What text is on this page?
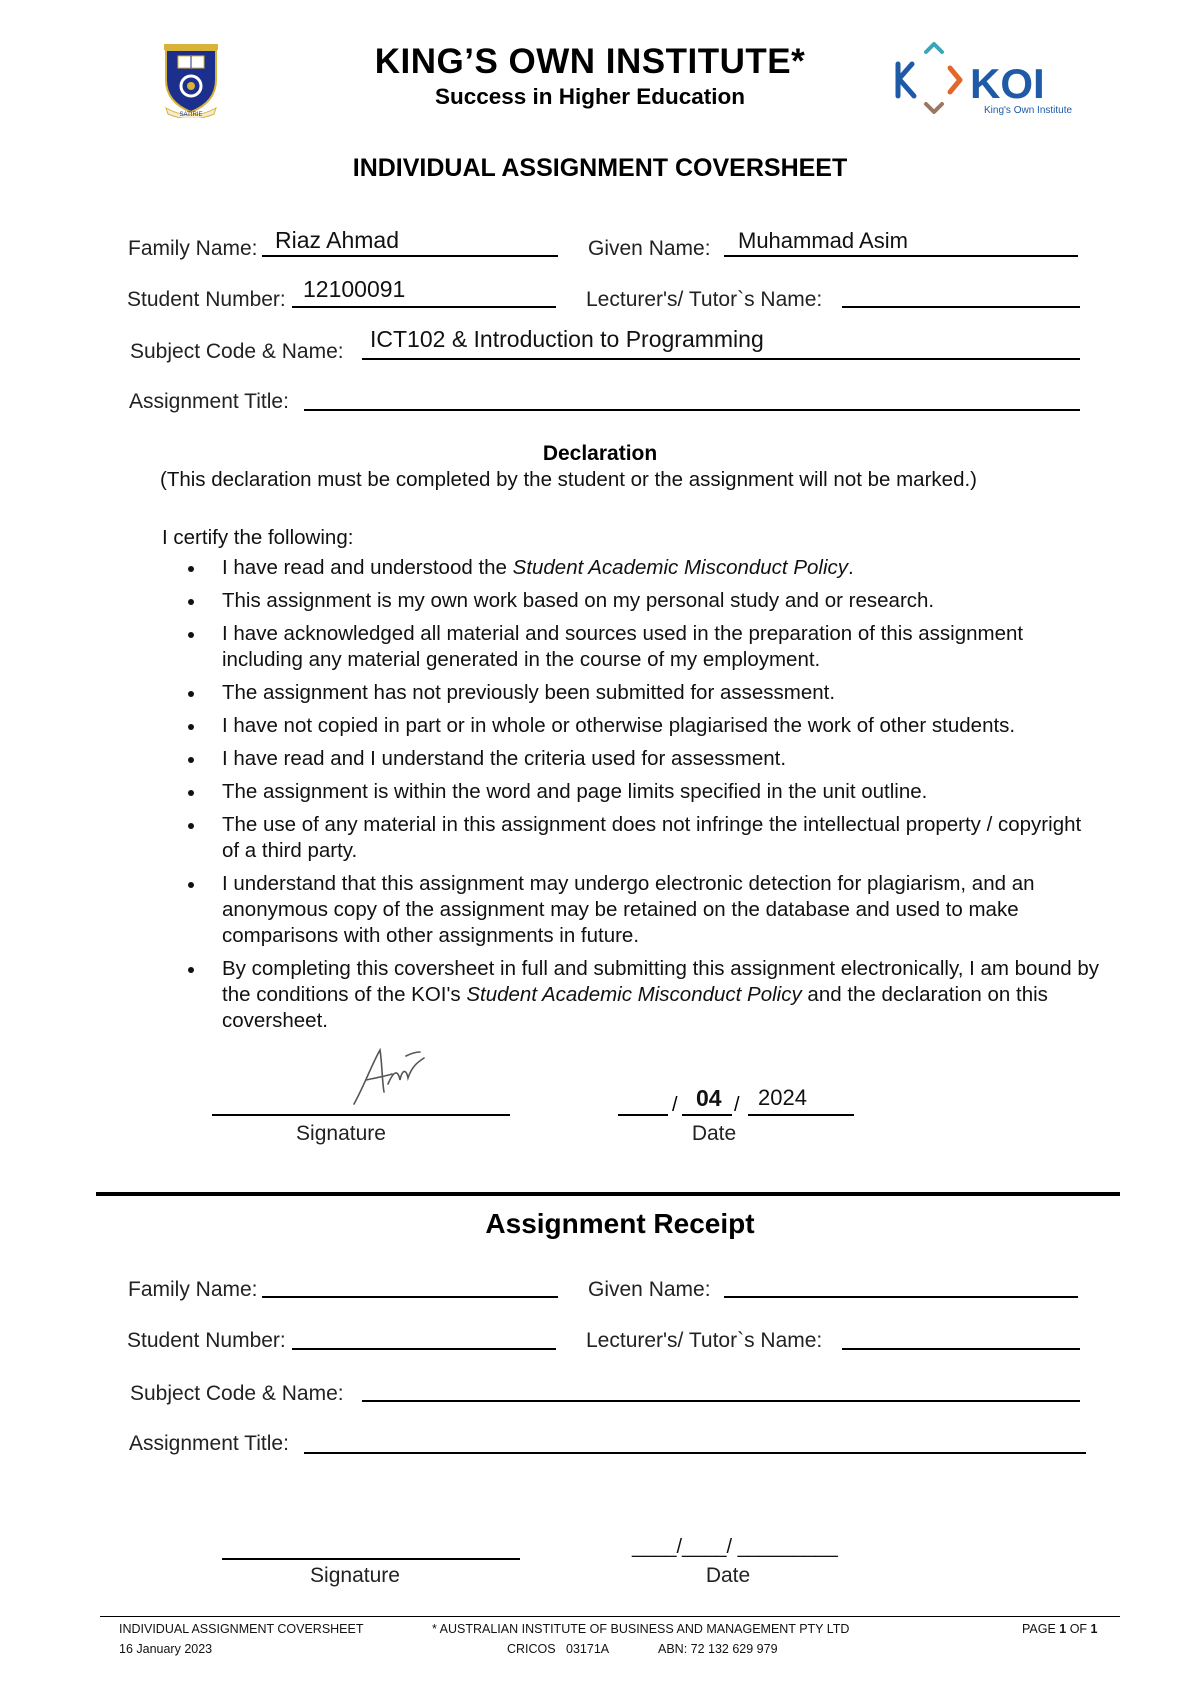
SATIRIE
KING’S OWN INSTITUTE*
Success in Higher Education	KOI
King's Own Institute
INDIVIDUAL ASSIGNMENT COVERSHEET
Family Name: Riaz Ahmad	Given Name: Muhammad Asim
Student Number: 12100091	Lecturer's/ Tutor`s Name:
Subject Code & Name: ICT102 & Introduction to Programming
Assignment Title:
Declaration
(This declaration must be completed by the student or the assignment will not be marked.)
I certify the following:
I have read and understood the Student Academic Misconduct Policy.
This assignment is my own work based on my personal study and or research.
I have acknowledged all material and sources used in the preparation of this assignment including any material generated in the course of my employment.
The assignment has not previously been submitted for assessment.
I have not copied in part or in whole or otherwise plagiarised the work of other students.
I have read and I understand the criteria used for assessment.
The assignment is within the word and page limits specified in the unit outline.
The use of any material in this assignment does not infringe the intellectual property / copyright of a third party.
I understand that this assignment may undergo electronic detection for plagiarism, and an anonymous copy of the assignment may be retained on the database and used to make comparisons with other assignments in future.
By completing this coversheet in full and submitting this assignment electronically, I am bound by the conditions of the KOI's Student Academic Misconduct Policy and the declaration on this coversheet.
Signature
/ 04 / 2024
Date
Assignment Receipt
Family Name:	Given Name:
Student Number:	Lecturer's/ Tutor`s Name:
Subject Code & Name:
Assignment Title:
Signature
____/____/ _________
Date
INDIVIDUAL ASSIGNMENT COVERSHEET
16 January 2023
* AUSTRALIAN INSTITUTE OF BUSINESS AND MANAGEMENT PTY LTD
CRICOS   03171A	ABN: 72 132 629 979
PAGE 1 OF 1
